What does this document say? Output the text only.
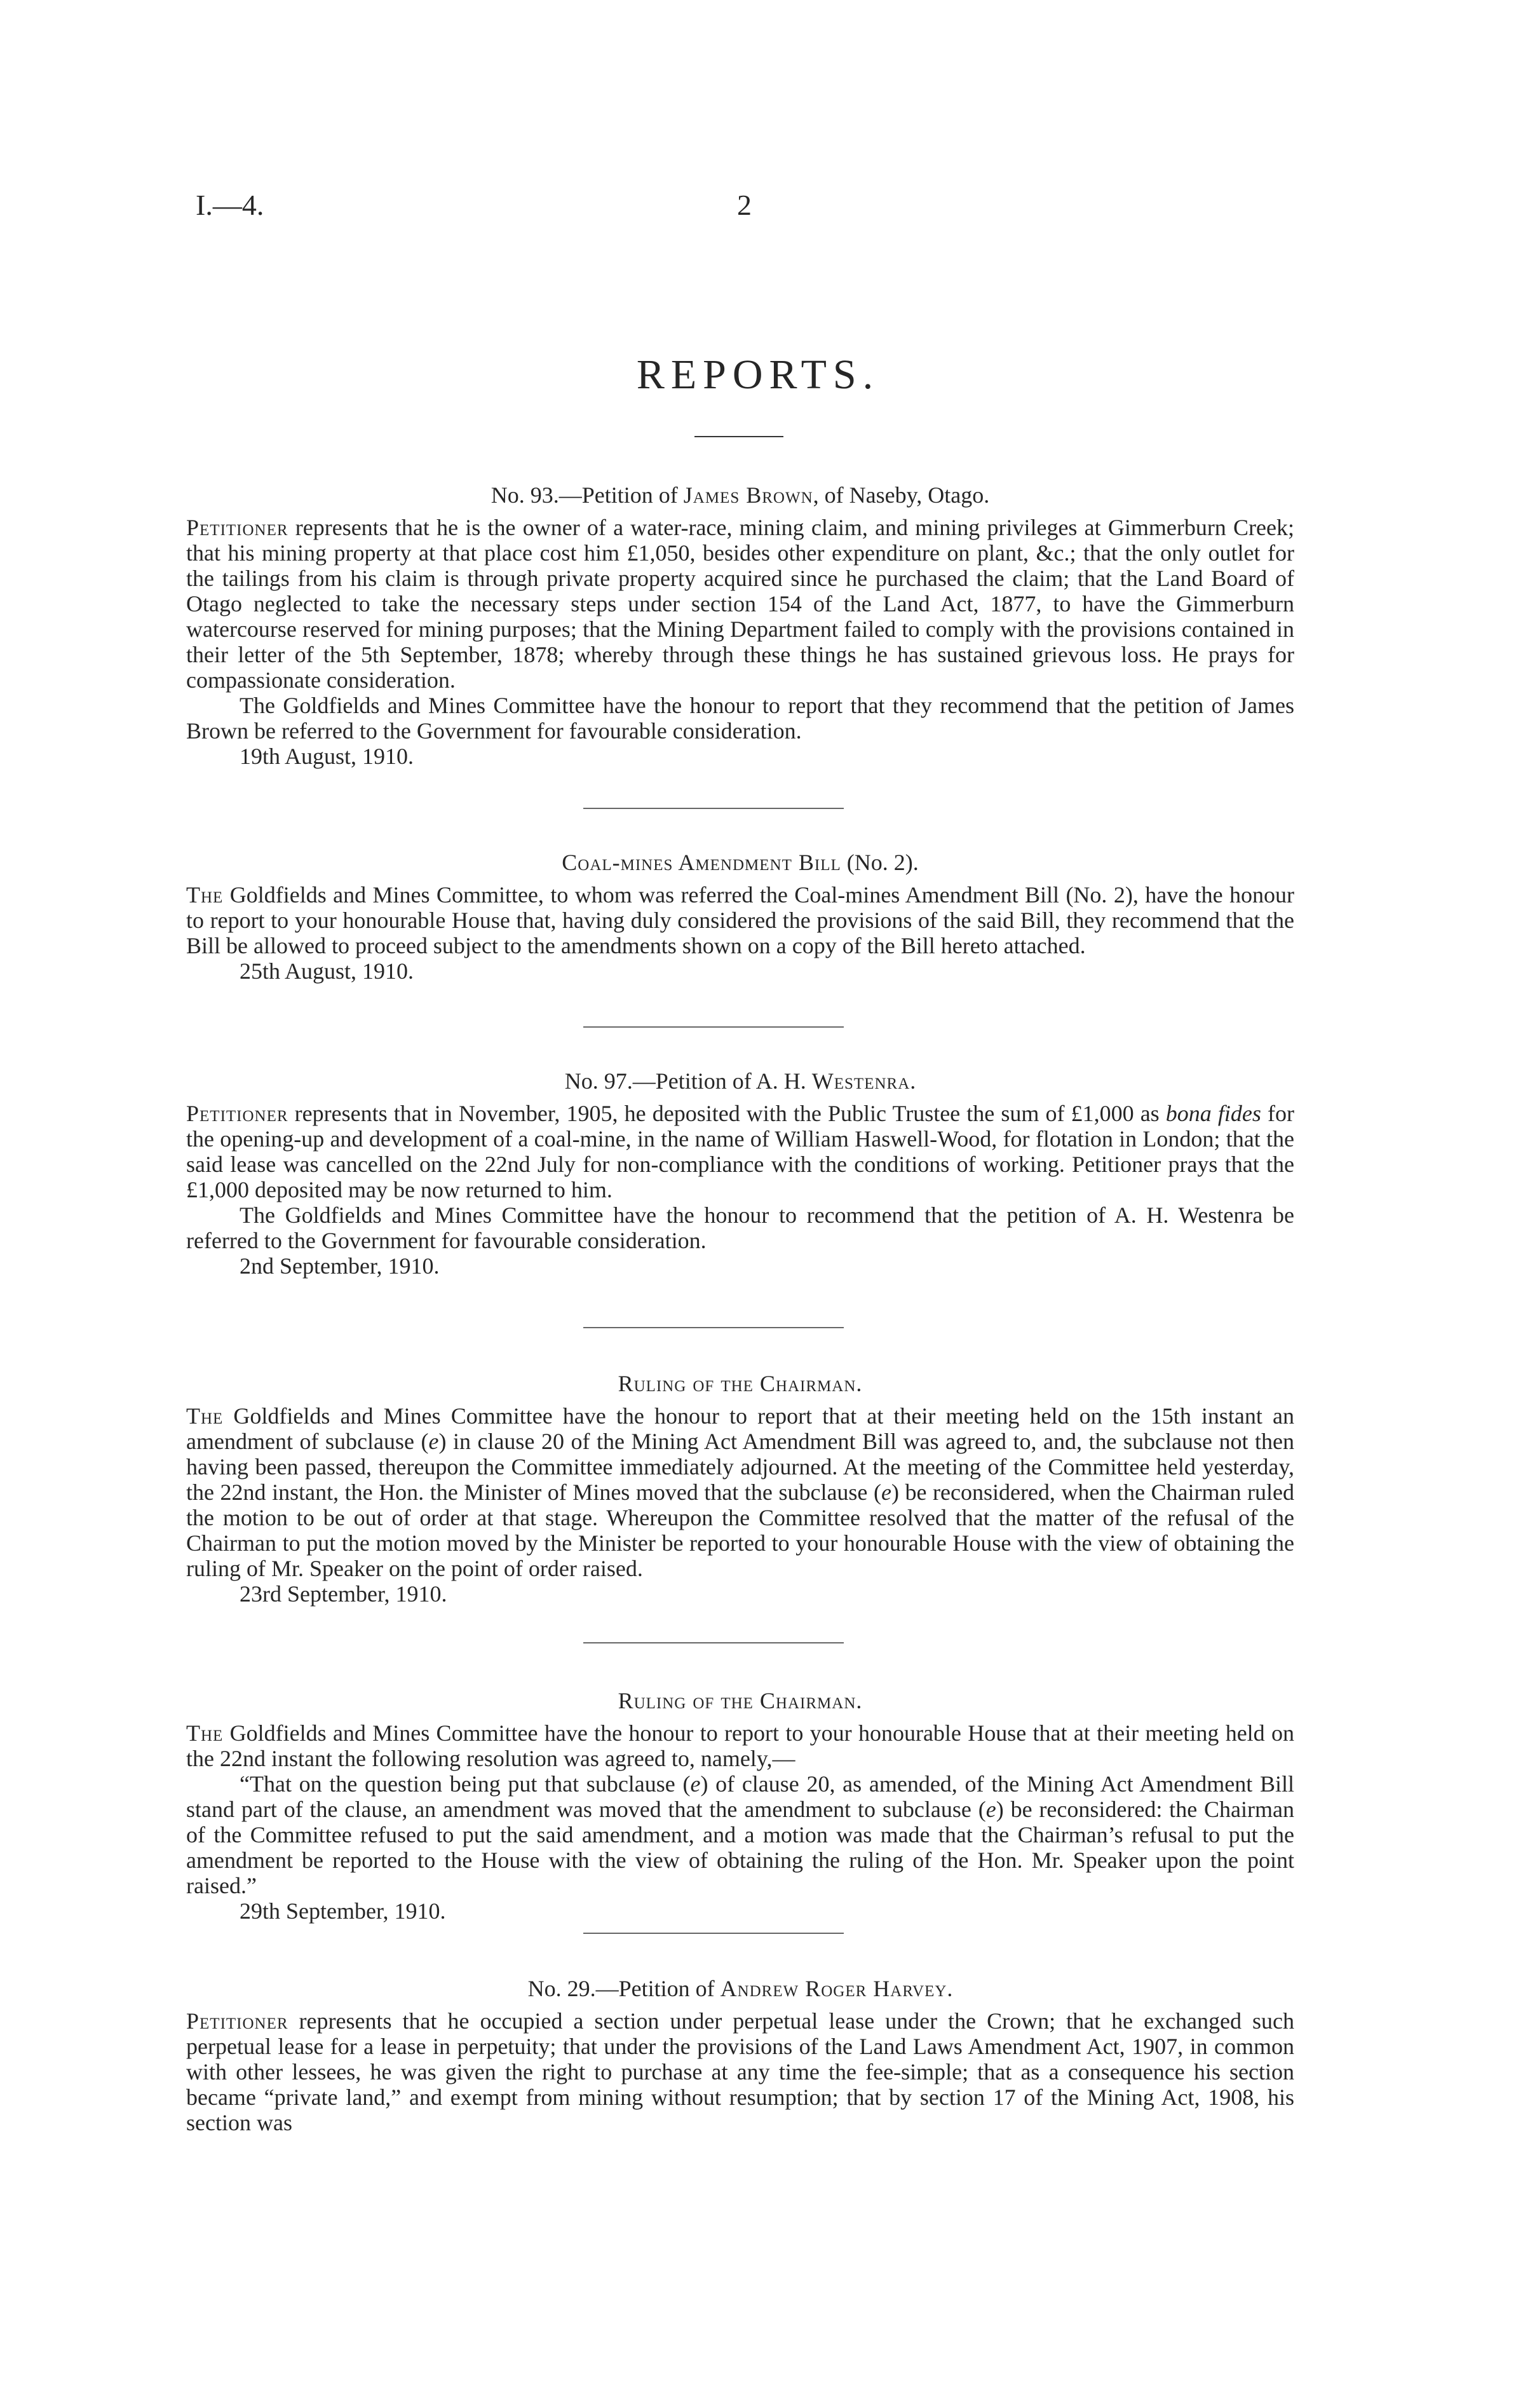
I.—4.	2
REPORTS.
No. 93.—Petition of James Brown, of Naseby, Otago.

Petitioner represents that he is the owner of a water-race, mining claim, and mining privileges at Gimmerburn Creek; that his mining property at that place cost him £1,050, besides other expenditure on plant, &c.; that the only outlet for the tailings from his claim is through private property acquired since he purchased the claim; that the Land Board of Otago neglected to take the necessary steps under section 154 of the Land Act, 1877, to have the Gimmerburn watercourse reserved for mining purposes; that the Mining Department failed to comply with the provisions contained in their letter of the 5th September, 1878; whereby through these things he has sustained grievous loss. He prays for compassionate consideration.

The Goldfields and Mines Committee have the honour to report that they recommend that the petition of James Brown be referred to the Government for favourable consideration.

19th August, 1910.
Coal-mines Amendment Bill (No. 2).

The Goldfields and Mines Committee, to whom was referred the Coal-mines Amendment Bill (No. 2), have the honour to report to your honourable House that, having duly considered the provisions of the said Bill, they recommend that the Bill be allowed to proceed subject to the amendments shown on a copy of the Bill hereto attached.

25th August, 1910.
No. 97.—Petition of A. H. Westenra.

Petitioner represents that in November, 1905, he deposited with the Public Trustee the sum of £1,000 as bona fides for the opening-up and development of a coal-mine, in the name of William Haswell-Wood, for flotation in London; that the said lease was cancelled on the 22nd July for non-compliance with the conditions of working. Petitioner prays that the £1,000 deposited may be now returned to him.

The Goldfields and Mines Committee have the honour to recommend that the petition of A. H. Westenra be referred to the Government for favourable consideration.

2nd September, 1910.
Ruling of the Chairman.

The Goldfields and Mines Committee have the honour to report that at their meeting held on the 15th instant an amendment of subclause (e) in clause 20 of the Mining Act Amendment Bill was agreed to, and, the subclause not then having been passed, thereupon the Committee immediately adjourned. At the meeting of the Committee held yesterday, the 22nd instant, the Hon. the Minister of Mines moved that the subclause (e) be reconsidered, when the Chairman ruled the motion to be out of order at that stage. Whereupon the Committee resolved that the matter of the refusal of the Chairman to put the motion moved by the Minister be reported to your honourable House with the view of obtaining the ruling of Mr. Speaker on the point of order raised.

23rd September, 1910.
Ruling of the Chairman.

The Goldfields and Mines Committee have the honour to report to your honourable House that at their meeting held on the 22nd instant the following resolution was agreed to, namely,—

“That on the question being put that subclause (e) of clause 20, as amended, of the Mining Act Amendment Bill stand part of the clause, an amendment was moved that the amendment to subclause (e) be reconsidered: the Chairman of the Committee refused to put the said amendment, and a motion was made that the Chairman’s refusal to put the amendment be reported to the House with the view of obtaining the ruling of the Hon. Mr. Speaker upon the point raised.”

29th September, 1910.
No. 29.—Petition of Andrew Roger Harvey.

Petitioner represents that he occupied a section under perpetual lease under the Crown; that he exchanged such perpetual lease for a lease in perpetuity; that under the provisions of the Land Laws Amendment Act, 1907, in common with other lessees, he was given the right to purchase at any time the fee-simple; that as a consequence his section became “private land,” and exempt from mining without resumption; that by section 17 of the Mining Act, 1908, his section was
